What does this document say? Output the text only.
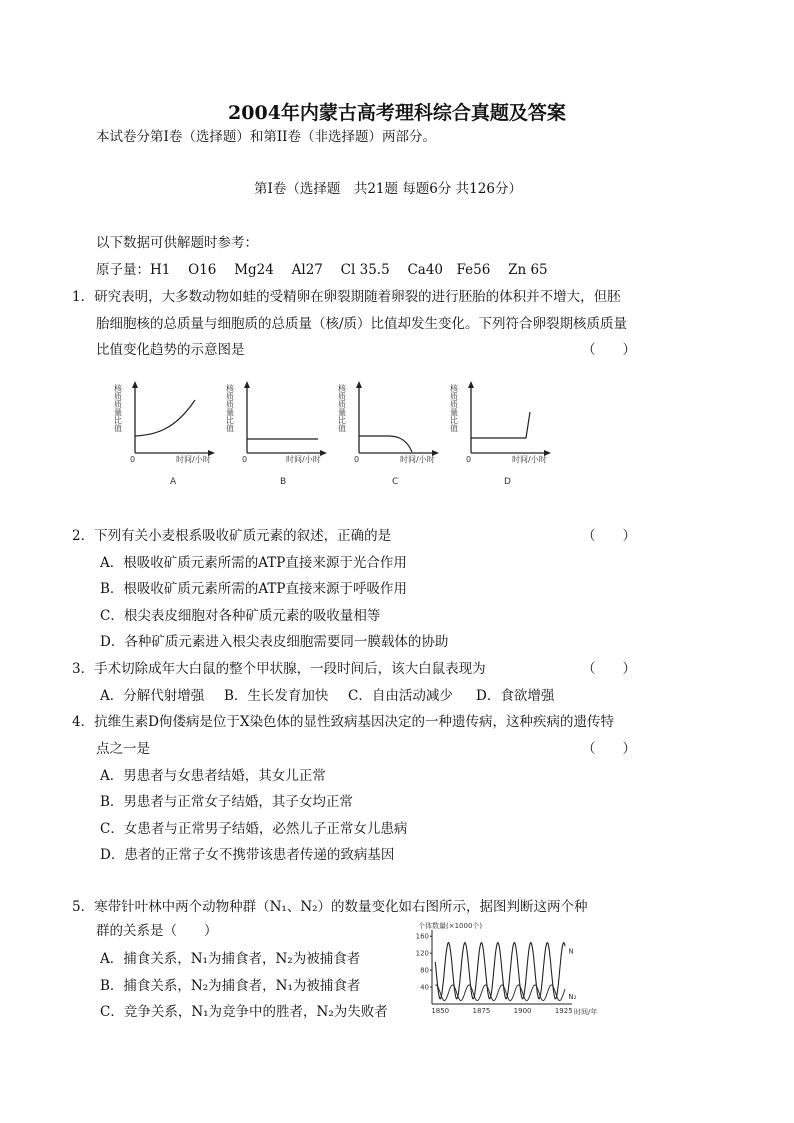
2004年内蒙古高考理科综合真题及答案
本试卷分第Ⅰ卷（选择题）和第II卷（非选择题）两部分。
第Ⅰ卷（选择题　共21题 每题6分 共126分）
以下数据可供解题时参考：
原子量：H1　 O16　 Mg24　 Al27　 Cl 35.5　 Ca40　Fe56　 Zn 65
1．研究表明，大多数动物如蛙的受精卵在卵裂期随着卵裂的进行胚胎的体积并不增大，但胚
胎细胞核的总质量与细胞质的总质量（核/质）比值却发生变化。下列符合卵裂期核质质量
比值变化趋势的示意图是	（　　）
核质质量比值
0	时间/小时
A
核质质量比值
0	时间/小时
B
核质质量比值
0	时间/小时
C
核质质量比值
0	时间/小时
D
2．下列有关小麦根系吸收矿质元素的叙述，正确的是	（　　）
A．根吸收矿质元素所需的ATP直接来源于光合作用
B．根吸收矿质元素所需的ATP直接来源于呼吸作用
C．根尖表皮细胞对各种矿质元素的吸收量相等
D．各种矿质元素进入根尖表皮细胞需要同一膜载体的协助
3．手术切除成年大白鼠的整个甲状腺，一段时间后，该大白鼠表现为	（　　）
A．分解代射增强 B．生长发育加快 C．自由活动减少 D．食欲增强
4．抗维生素D佝偻病是位于X染色体的显性致病基因决定的一种遗传病，这种疾病的遗传特
点之一是	（　　）
A．男患者与女患者结婚，其女儿正常
B．男患者与正常女子结婚，其子女均正常
C．女患者与正常男子结婚，必然儿子正常女儿患病
D．患者的正常子女不携带该患者传递的致病基因
5．寒带针叶林中两个动物种群（N₁、N₂）的数量变化如右图所示，据图判断这两个种
群的关系是（　　）
A．捕食关系，N₁为捕食者，N₂为被捕食者
B．捕食关系，N₂为捕食者，N₁为被捕食者
C．竞争关系，N₁为竞争中的胜者，N₂为失败者
个体数量(×1000个)
时间/年
40
80
120
160
1850	1875	1900	1925
N
N₂
